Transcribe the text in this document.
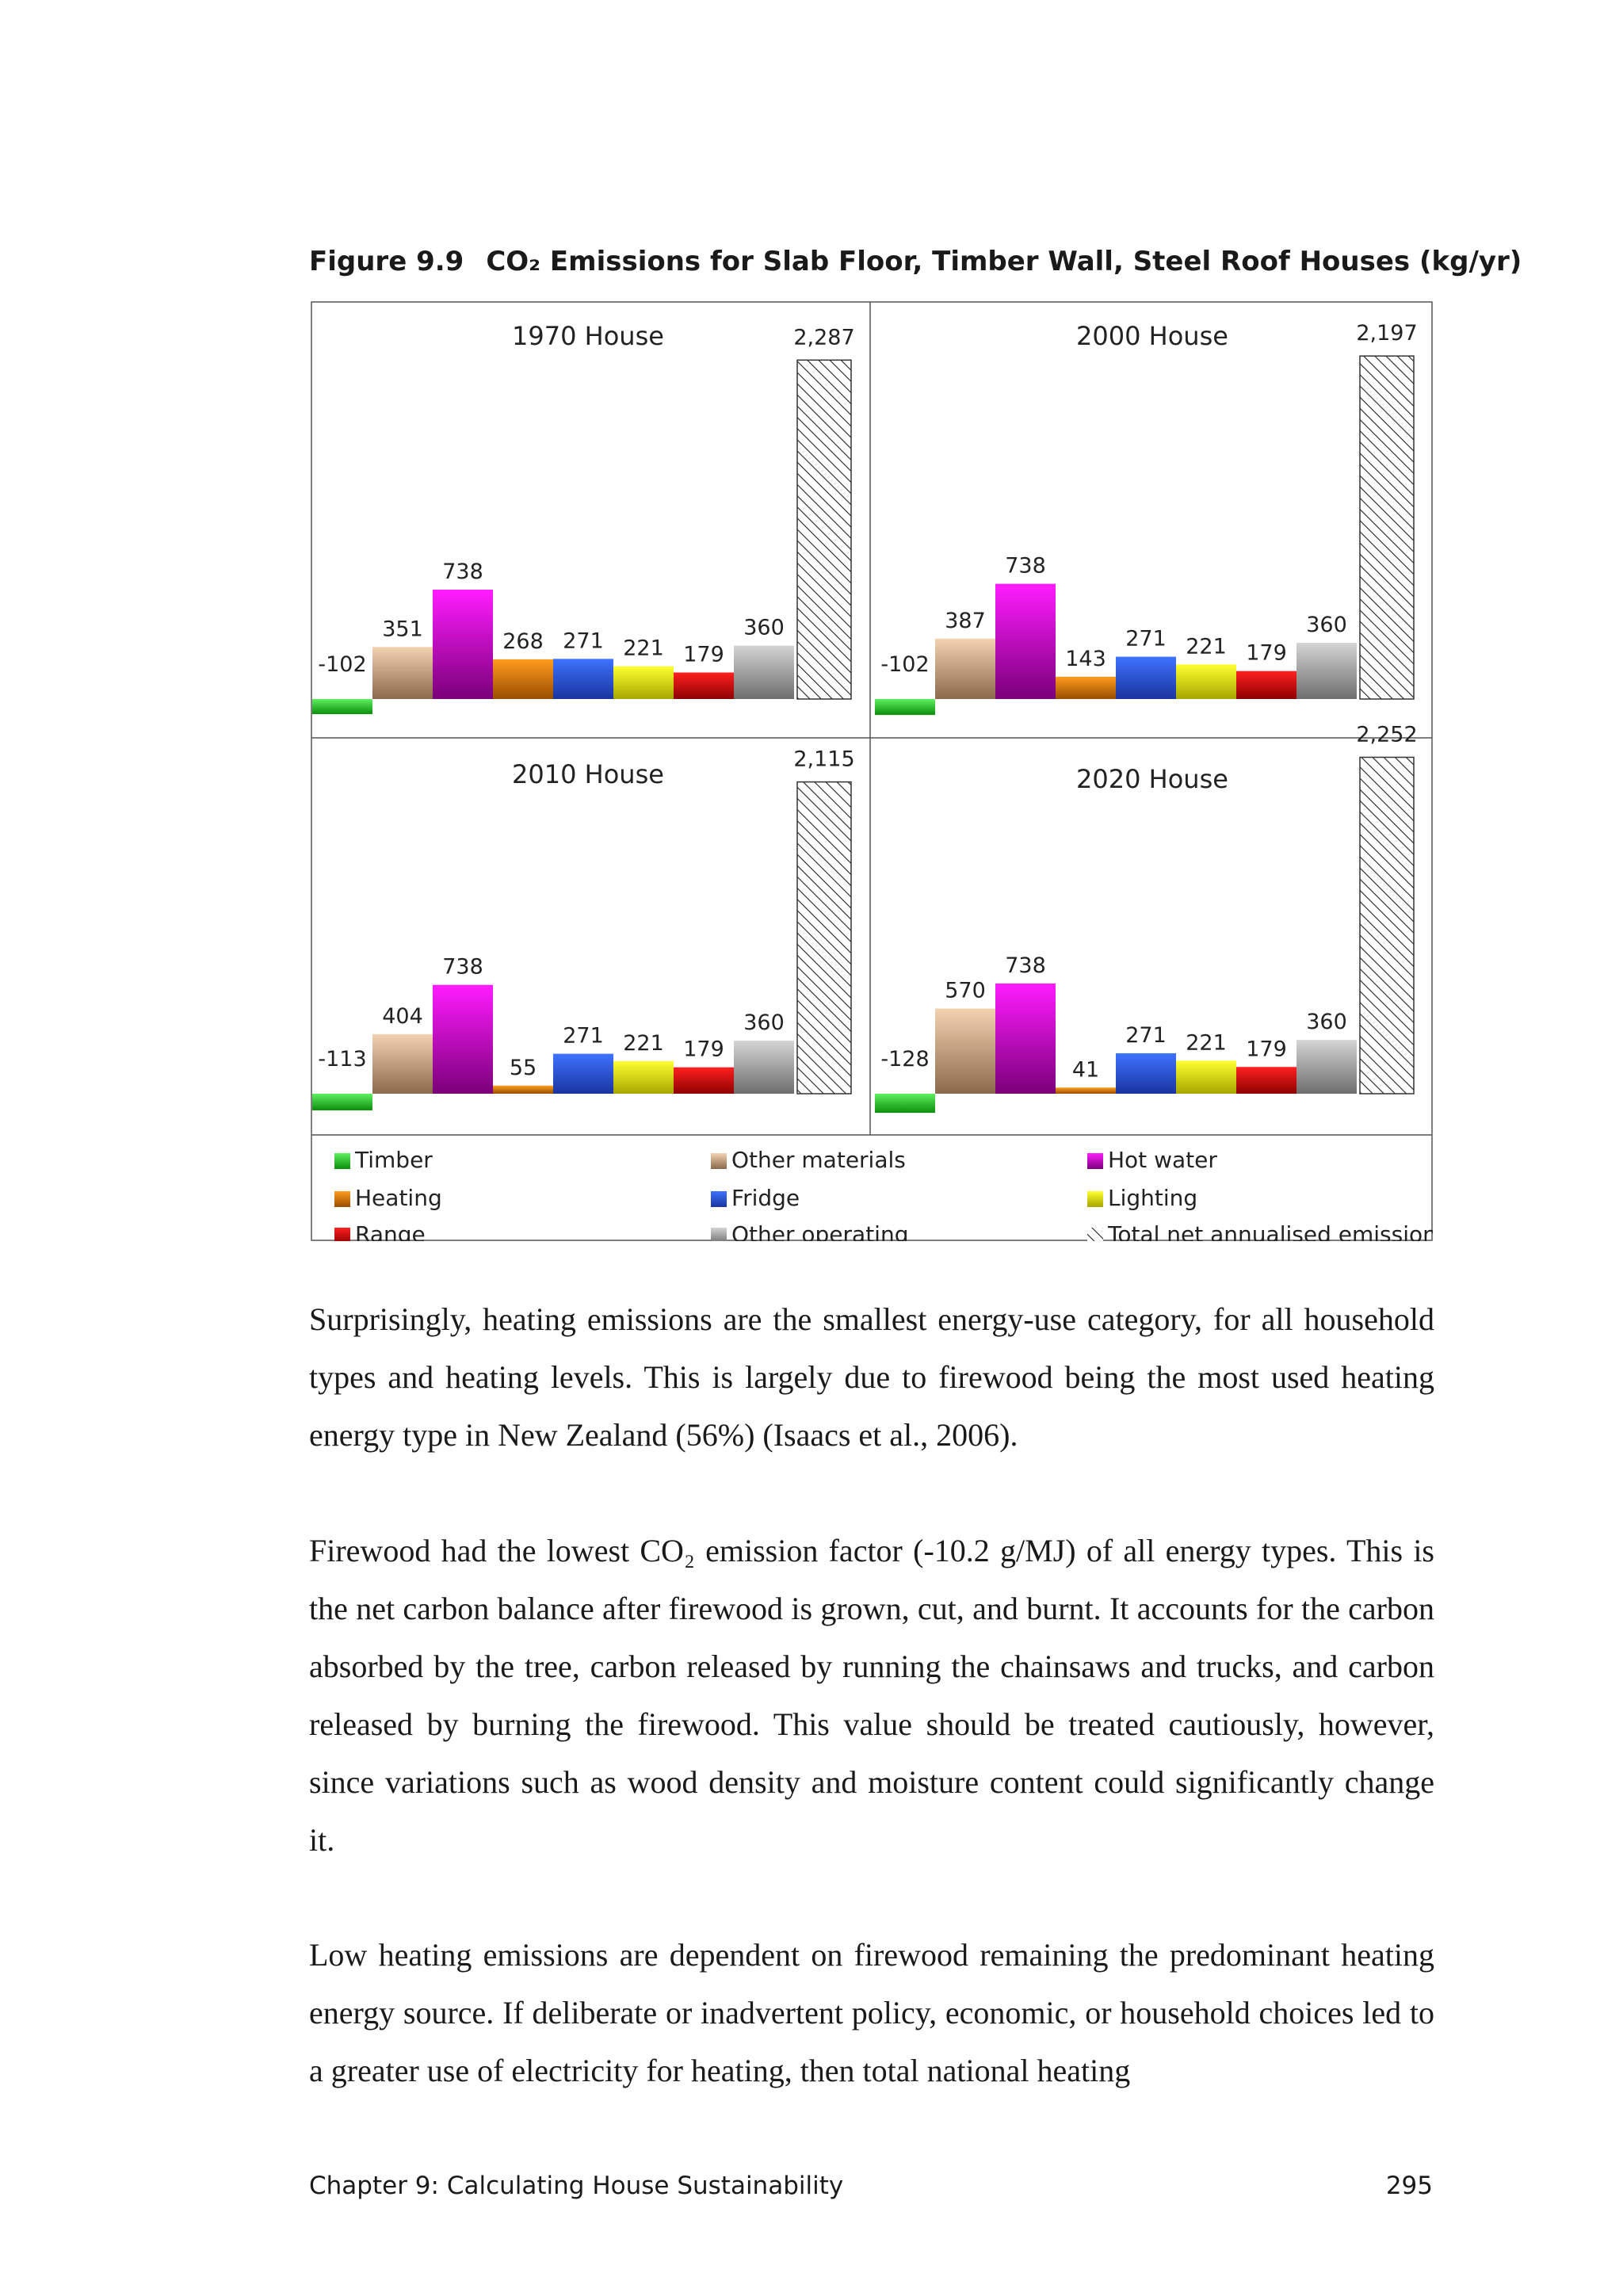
Figure 9.9 CO₂ Emissions for Slab Floor, Timber Wall, Steel Roof Houses (kg/yr)
1970 House
-102
351
738
268 271 221 179
360
2,287	2000 House
-102
387
738
143
271 221 179
360
2,197
2010 House
-113
404
738
55
271 221 179
360
2,115
2020 House
-128
570
738
41
271 221 179
360
2,252
Timber	Other materials	Hot water
Heating	Fridge	Lighting
Range	Other operating	Total net annualised emissions

Surprisingly, heating emissions are the smallest energy-use category, for all household types and heating levels. This is largely due to firewood being the most used heating energy type in New Zealand (56%) (Isaacs et al., 2006).

Firewood had the lowest CO₂ emission factor (-10.2 g/MJ) of all energy types. This is the net carbon balance after firewood is grown, cut, and burnt. It accounts for the carbon absorbed by the tree, carbon released by running the chainsaws and trucks, and carbon released by burning the firewood. This value should be treated cautiously, however, since variations such as wood density and moisture content could significantly change it.

Low heating emissions are dependent on firewood remaining the predominant heating energy source. If deliberate or inadvertent policy, economic, or household choices led to a greater use of electricity for heating, then total national heating

Chapter 9: Calculating House Sustainability	295
